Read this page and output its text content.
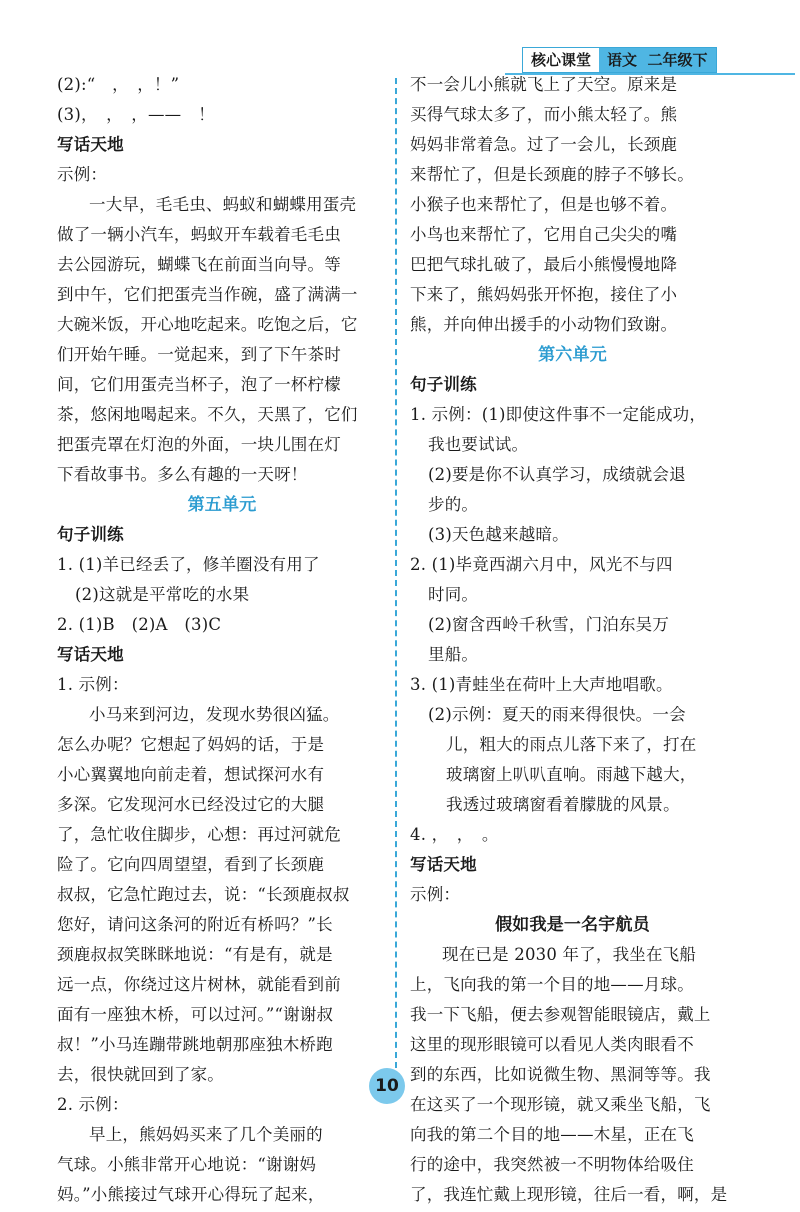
核心课堂	语文 二年级下
(2):“　，　，！”
(3)，　，　，——　！
写话天地
示例：
一大早，毛毛虫、蚂蚁和蝴蝶用蛋壳
做了一辆小汽车，蚂蚁开车载着毛毛虫
去公园游玩，蝴蝶飞在前面当向导。等
到中午，它们把蛋壳当作碗，盛了满满一
大碗米饭，开心地吃起来。吃饱之后，它
们开始午睡。一觉起来，到了下午茶时
间，它们用蛋壳当杯子，泡了一杯柠檬
茶，悠闲地喝起来。不久，天黑了，它们
把蛋壳罩在灯泡的外面，一块儿围在灯
下看故事书。多么有趣的一天呀！
第五单元
句子训练
1. (1)羊已经丢了，修羊圈没有用了
(2)这就是平常吃的水果
2. (1)B　(2)A　(3)C
写话天地
1. 示例：
小马来到河边，发现水势很凶猛。
怎么办呢？它想起了妈妈的话，于是
小心翼翼地向前走着，想试探河水有
多深。它发现河水已经没过它的大腿
了，急忙收住脚步，心想：再过河就危
险了。它向四周望望，看到了长颈鹿
叔叔，它急忙跑过去，说：“长颈鹿叔叔
您好，请问这条河的附近有桥吗？”长
颈鹿叔叔笑眯眯地说：“有是有，就是
远一点，你绕过这片树林，就能看到前
面有一座独木桥，可以过河。”“谢谢叔
叔！”小马连蹦带跳地朝那座独木桥跑
去，很快就回到了家。
2. 示例：
早上，熊妈妈买来了几个美丽的
气球。小熊非常开心地说：“谢谢妈
妈。”小熊接过气球开心得玩了起来，
不一会儿小熊就飞上了天空。原来是
买得气球太多了，而小熊太轻了。熊
妈妈非常着急。过了一会儿，长颈鹿
来帮忙了，但是长颈鹿的脖子不够长。
小猴子也来帮忙了，但是也够不着。
小鸟也来帮忙了，它用自己尖尖的嘴
巴把气球扎破了，最后小熊慢慢地降
下来了，熊妈妈张开怀抱，接住了小
熊，并向伸出援手的小动物们致谢。
第六单元
句子训练
1. 示例：(1)即使这件事不一定能成功，
我也要试试。
(2)要是你不认真学习，成绩就会退
步的。
(3)天色越来越暗。
2. (1)毕竟西湖六月中，风光不与四
时同。
(2)窗含西岭千秋雪，门泊东吴万
里船。
3. (1)青蛙坐在荷叶上大声地唱歌。
(2)示例：夏天的雨来得很快。一会
儿，粗大的雨点儿落下来了，打在
玻璃窗上叭叭直响。雨越下越大，
我透过玻璃窗看着朦胧的风景。
4. ，　，　。
写话天地
示例：
假如我是一名宇航员
现在已是 2030 年了，我坐在飞船
上，飞向我的第一个目的地——月球。
我一下飞船，便去参观智能眼镜店，戴上
这里的现形眼镜可以看见人类肉眼看不
到的东西，比如说微生物、黑洞等等。我
在这买了一个现形镜，就又乘坐飞船，飞
向我的第二个目的地——木星，正在飞
行的途中，我突然被一不明物体给吸住
了，我连忙戴上现形镜，往后一看，啊，是
10
